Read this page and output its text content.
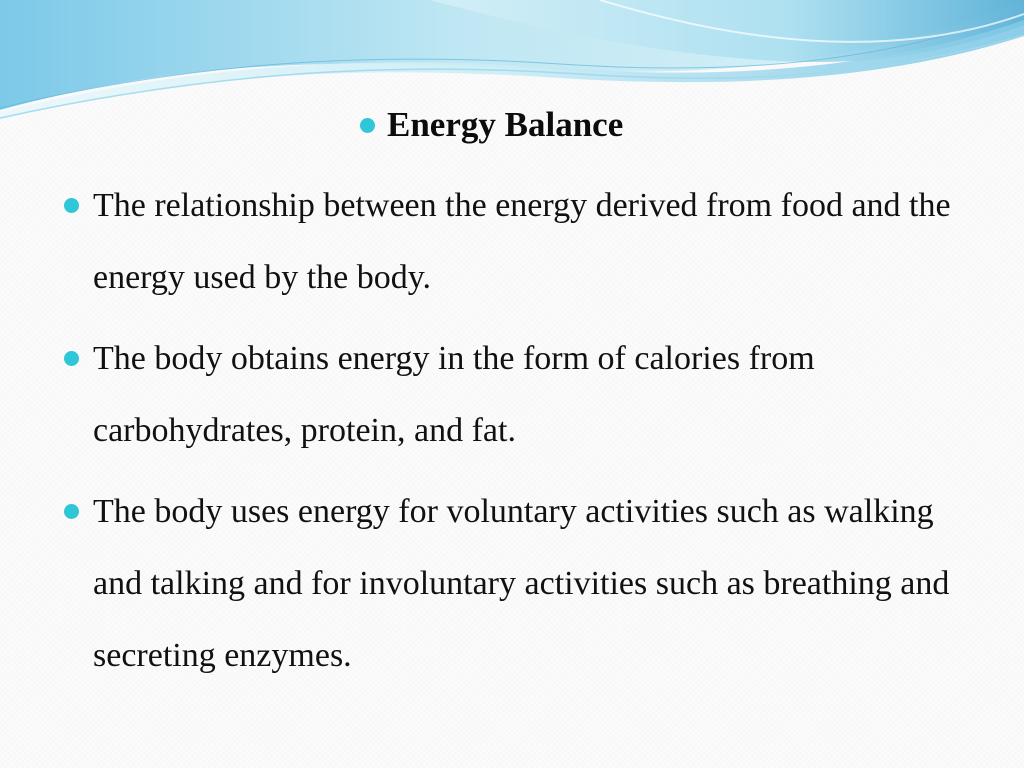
Energy Balance
The relationship between the energy derived from food and the energy used by the body.
The body obtains energy in the form of calories from carbohydrates, protein, and fat.
The body uses energy for voluntary activities such as walking and talking and for involuntary activities such as breathing and secreting enzymes.
